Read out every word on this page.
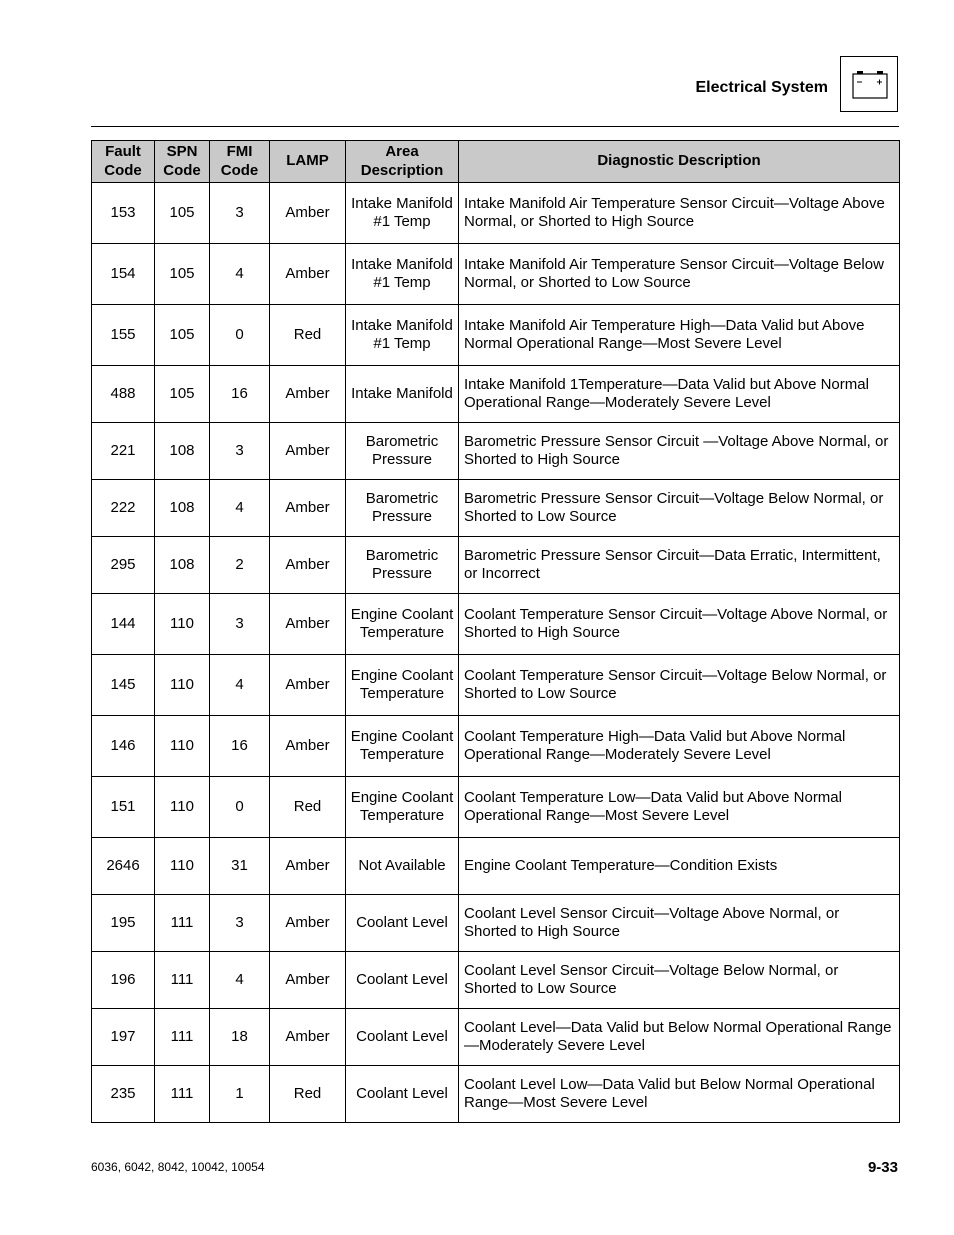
Electrical System
Fault Code	SPN Code	FMI Code	LAMP	Area Description	Diagnostic Description
153	105	3	Amber	Intake Manifold #1 Temp	Intake Manifold Air Temperature Sensor Circuit—Voltage Above Normal, or Shorted to High Source
154	105	4	Amber	Intake Manifold #1 Temp	Intake Manifold Air Temperature Sensor Circuit—Voltage Below Normal, or Shorted to Low Source
155	105	0	Red	Intake Manifold #1 Temp	Intake Manifold Air Temperature High—Data Valid but Above Normal Operational Range—Most Severe Level
488	105	16	Amber	Intake Manifold	Intake Manifold 1Temperature—Data Valid but Above Normal Operational Range—Moderately Severe Level
221	108	3	Amber	Barometric Pressure	Barometric Pressure Sensor Circuit —Voltage Above Normal, or Shorted to High Source
222	108	4	Amber	Barometric Pressure	Barometric Pressure Sensor Circuit—Voltage Below Normal, or Shorted to Low Source
295	108	2	Amber	Barometric Pressure	Barometric Pressure Sensor Circuit—Data Erratic, Intermittent, or Incorrect
144	110	3	Amber	Engine Coolant Temperature	Coolant Temperature Sensor Circuit—Voltage Above Normal, or Shorted to High Source
145	110	4	Amber	Engine Coolant Temperature	Coolant Temperature Sensor Circuit—Voltage Below Normal, or Shorted to Low Source
146	110	16	Amber	Engine Coolant Temperature	Coolant Temperature High—Data Valid but Above Normal Operational Range—Moderately Severe Level
151	110	0	Red	Engine Coolant Temperature	Coolant Temperature Low—Data Valid but Above Normal Operational Range—Most Severe Level
2646	110	31	Amber	Not Available	Engine Coolant Temperature—Condition Exists
195	111	3	Amber	Coolant Level	Coolant Level Sensor Circuit—Voltage Above Normal, or Shorted to High Source
196	111	4	Amber	Coolant Level	Coolant Level Sensor Circuit—Voltage Below Normal, or Shorted to Low Source
197	111	18	Amber	Coolant Level	Coolant Level—Data Valid but Below Normal Operational Range —Moderately Severe Level
235	111	1	Red	Coolant Level	Coolant Level Low—Data Valid but Below Normal Operational Range—Most Severe Level
6036, 6042, 8042, 10042, 10054	9-33
